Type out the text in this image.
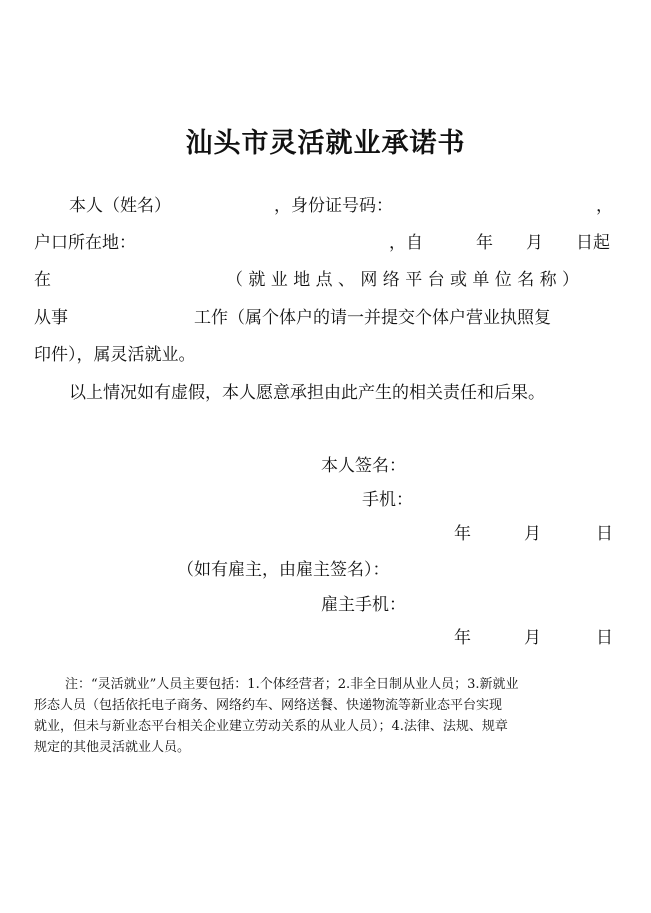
汕头市灵活就业承诺书
本人（姓名）	，身份证号码：	，
户口所在地：	，自	年 月 日起
在	（就业地点、网络平台或单位名称）
从事	工作（属个体户的请一并提交个体户营业执照复
印件），属灵活就业。
以上情况如有虚假，本人愿意承担由此产生的相关责任和后果。
本人签名：
手机：
年	月	日
（如有雇主，由雇主签名）：
雇主手机：
年	月	日
注：“灵活就业”人员主要包括：1.个体经营者；2.非全日制从业人员；3.新就业
形态人员（包括依托电子商务、网络约车、网络送餐、快递物流等新业态平台实现
就业，但未与新业态平台相关企业建立劳动关系的从业人员）；4.法律、法规、规章
规定的其他灵活就业人员。
